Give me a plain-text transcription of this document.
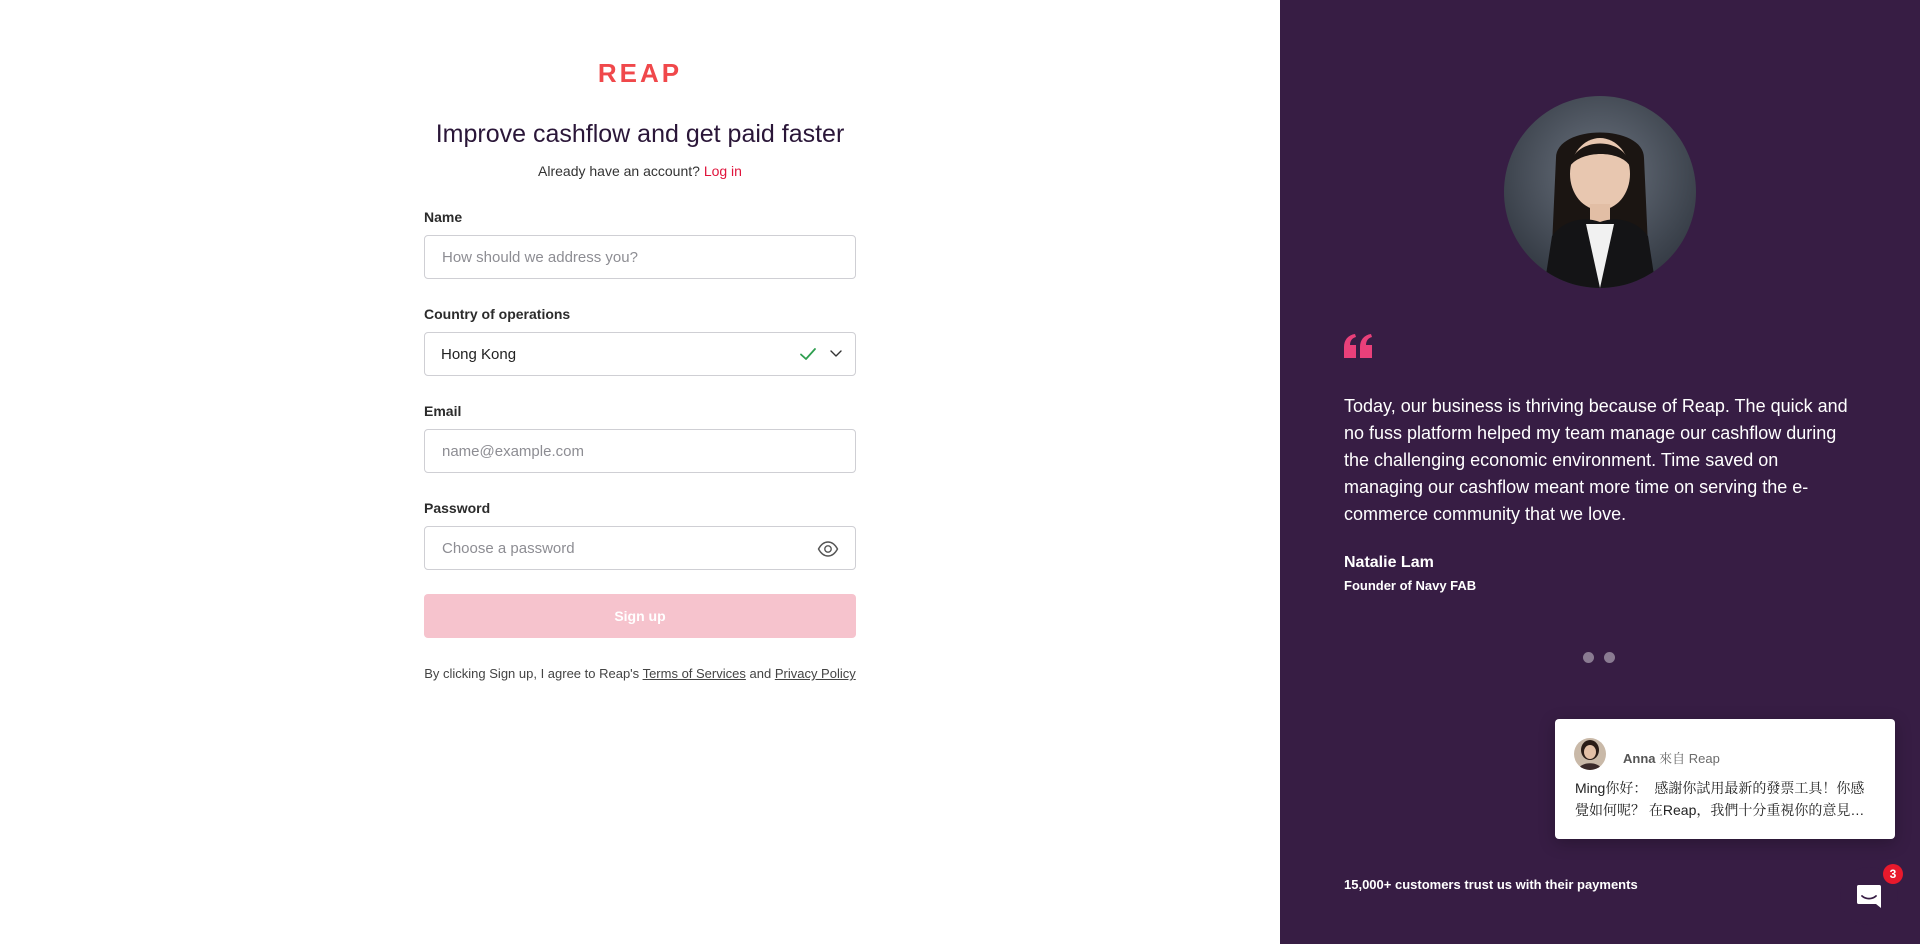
REAP
Improve cashflow and get paid faster
Already have an account? Log in
Name
How should we address you?
Country of operations
Hong Kong
Email
name@example.com
Password
Sign up
By clicking Sign up, I agree to Reap's Terms of Services and Privacy Policy

Today, our business is thriving because of Reap. The quick and no fuss platform helped my team manage our cashflow during the challenging economic environment. Time saved on managing our cashflow meant more time on serving the e-commerce community that we love.

Natalie Lam
Founder of Navy FAB
15,000+ customers trust us with their payments
Anna 來自 Reap
Ming你好：　感謝你試用最新的發票工具！你感
覺如何呢？ 在Reap，我們十分重視你的意見…
3
